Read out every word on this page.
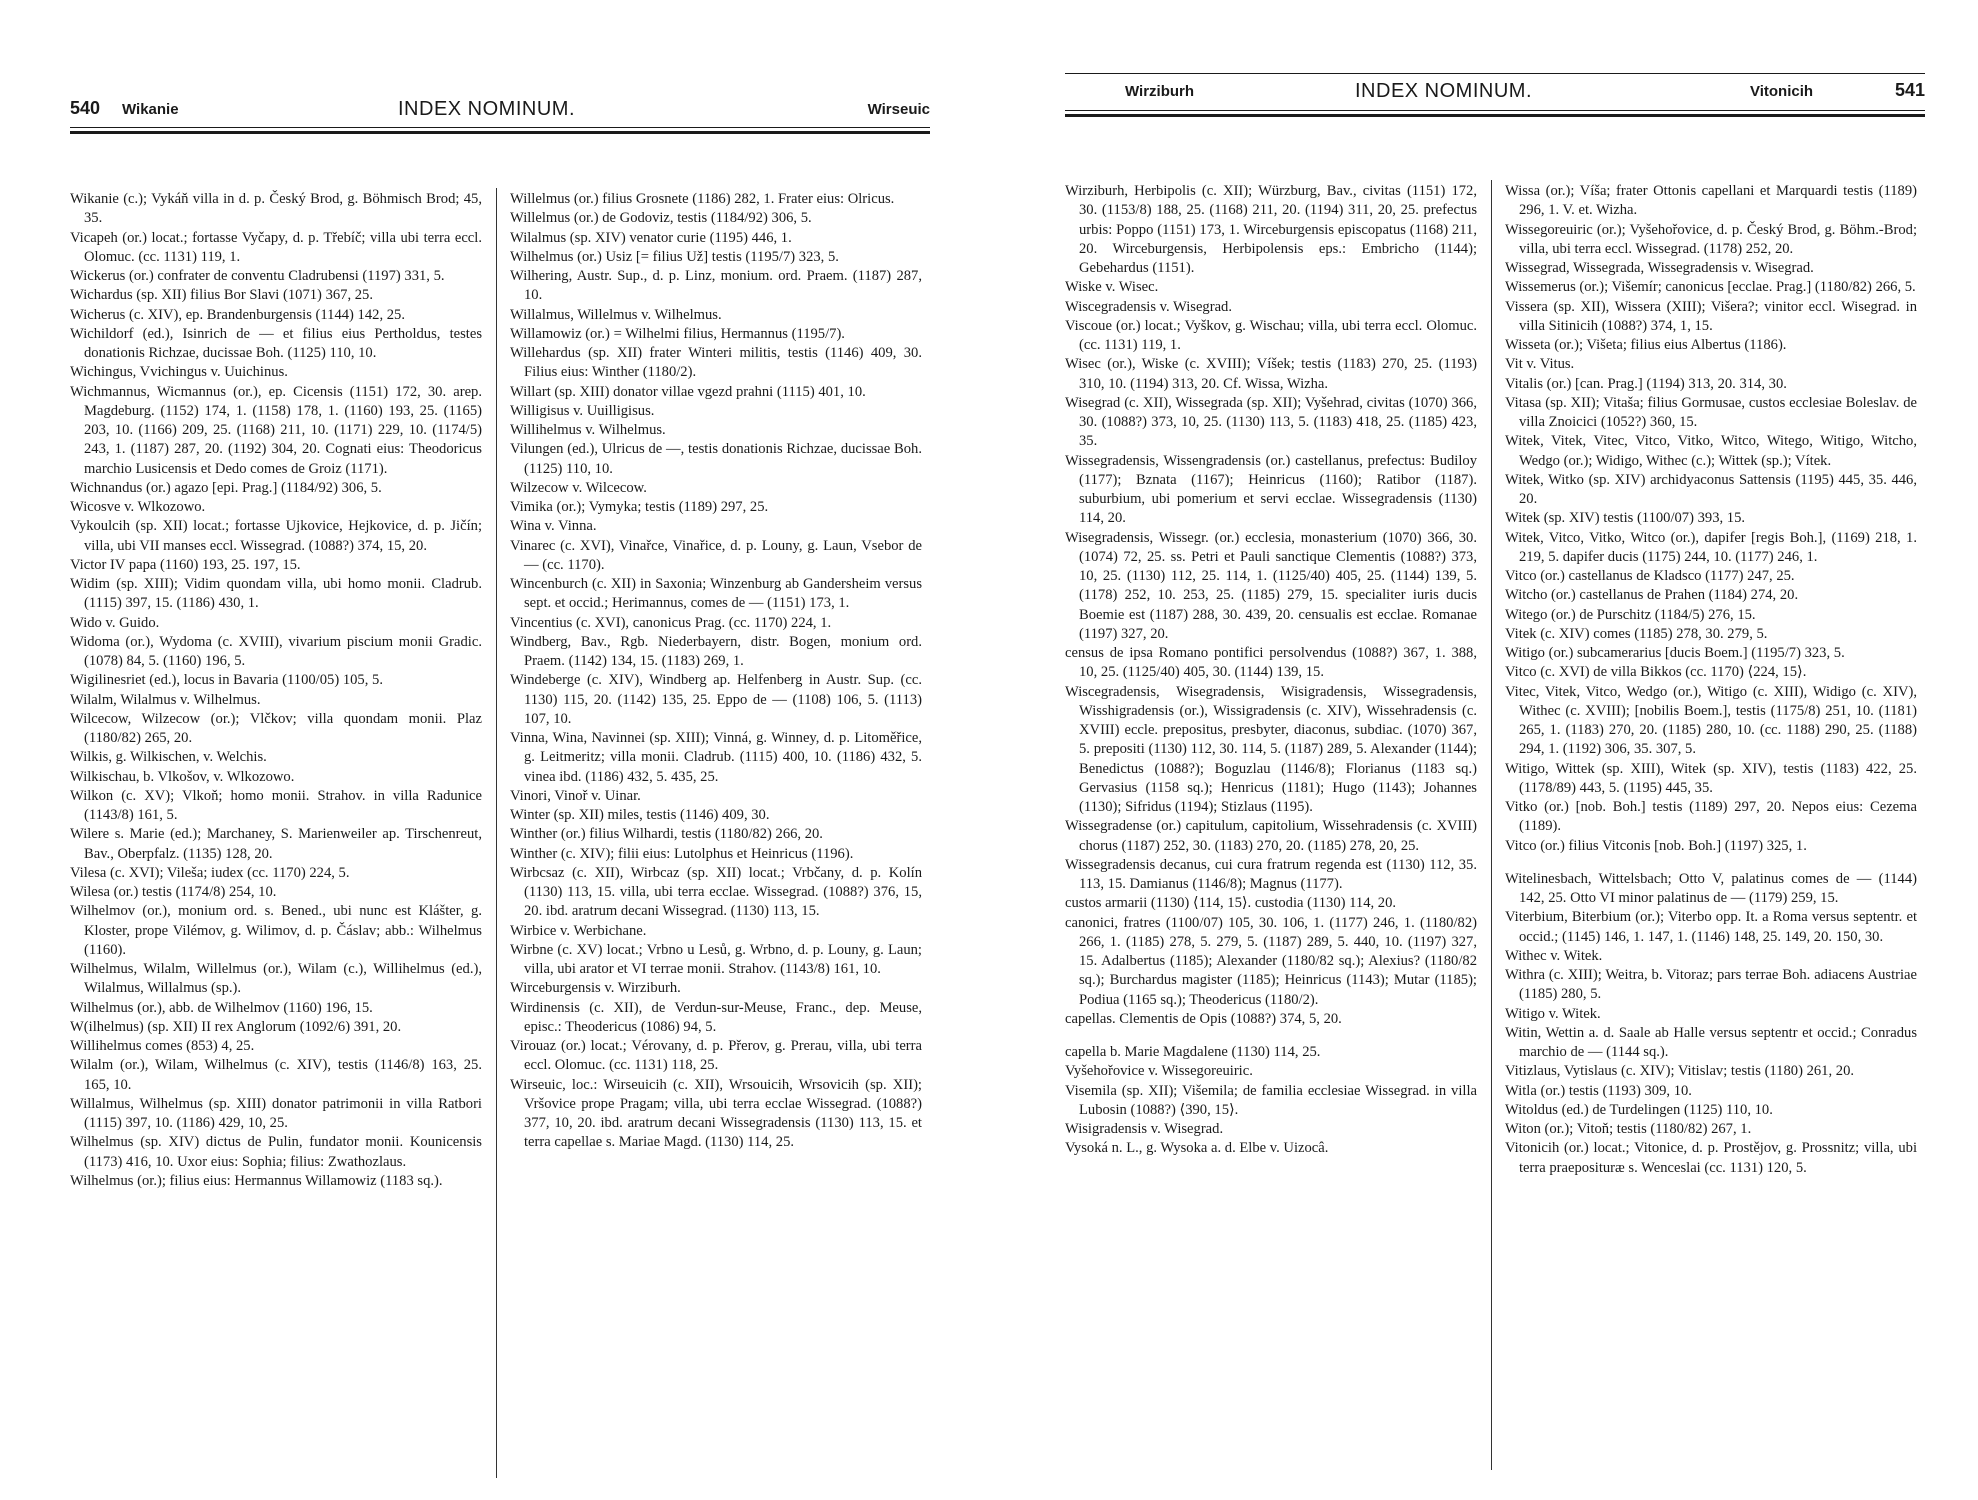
540 Wikanie	INDEX NOMINUM.	Wirseuic

Wikanie (c.); Vykáň villa in d. p. Český Brod, g. Böhmisch Brod; 45, 35.

Vicapeh (or.) locat.; fortasse Vyčapy, d. p. Třebíč; villa ubi terra eccl. Olomuc. (cc. 1131) 119, 1.

Wickerus (or.) confrater de conventu Cladrubensi (1197) 331, 5.

Wichardus (sp. XII) filius Bor Slavi (1071) 367, 25.

Wicherus (c. XIV), ep. Brandenburgensis (1144) 142, 25.

Wichildorf (ed.), Isinrich de — et filius eius Pertholdus, testes donationis Richzae, ducissae Boh. (1125) 110, 10.

Wichingus, Vvichingus v. Uuichinus.

Wichmannus, Wicmannus (or.), ep. Cicensis (1151) 172, 30. arep. Magdeburg. (1152) 174, 1. (1158) 178, 1. (1160) 193, 25. (1165) 203, 10. (1166) 209, 25. (1168) 211, 10. (1171) 229, 10. (1174/5) 243, 1. (1187) 287, 20. (1192) 304, 20. Cognati eius: Theodoricus marchio Lusicensis et Dedo comes de Groiz (1171).

Wichnandus (or.) agazo [epi. Prag.] (1184/92) 306, 5.

Wicosve v. Wlkozowo.

Vykoulcih (sp. XII) locat.; fortasse Ujkovice, Hejkovice, d. p. Jičín; villa, ubi VII manses eccl. Wissegrad. (1088?) 374, 15, 20.

Victor IV papa (1160) 193, 25. 197, 15.

Widim (sp. XIII); Vidim quondam villa, ubi homo monii. Cladrub. (1115) 397, 15. (1186) 430, 1.

Wido v. Guido.

Widoma (or.), Wydoma (c. XVIII), vivarium piscium monii Gradic. (1078) 84, 5. (1160) 196, 5.

Wigilinesriet (ed.), locus in Bavaria (1100/05) 105, 5.

Wilalm, Wilalmus v. Wilhelmus.

Wilcecow, Wilzecow (or.); Vlčkov; villa quondam monii. Plaz (1180/82) 265, 20.

Wilkis, g. Wilkischen, v. Welchis.

Wilkischau, b. Vlkošov, v. Wlkozowo.

Wilkon (c. XV); Vlkoň; homo monii. Strahov. in villa Radunice (1143/8) 161, 5.

Wilere s. Marie (ed.); Marchaney, S. Marienweiler ap. Tirschenreut, Bav., Oberpfalz. (1135) 128, 20.

Vilesa (c. XVI); Vileša; iudex (cc. 1170) 224, 5.

Wilesa (or.) testis (1174/8) 254, 10.

Wilhelmov (or.), monium ord. s. Bened., ubi nunc est Klášter, g. Kloster, prope Vilémov, g. Wilimov, d. p. Čáslav; abb.: Wilhelmus (1160).

Wilhelmus, Wilalm, Willelmus (or.), Wilam (c.), Willihelmus (ed.), Wilalmus, Willalmus (sp.).

Wilhelmus (or.), abb. de Wilhelmov (1160) 196, 15.

W(ilhelmus) (sp. XII) II rex Anglorum (1092/6) 391, 20.

Willihelmus comes (853) 4, 25.

Wilalm (or.), Wilam, Wilhelmus (c. XIV), testis (1146/8) 163, 25. 165, 10.

Willalmus, Wilhelmus (sp. XIII) donator patrimonii in villa Ratbori (1115) 397, 10. (1186) 429, 10, 25.

Wilhelmus (sp. XIV) dictus de Pulin, fundator monii. Kounicensis (1173) 416, 10. Uxor eius: Sophia; filius: Zwathozlaus.

Wilhelmus (or.); filius eius: Hermannus Willamowiz (1183 sq.).

Willelmus (or.) filius Grosnete (1186) 282, 1. Frater eius: Olricus.

Willelmus (or.) de Godoviz, testis (1184/92) 306, 5.

Wilalmus (sp. XIV) venator curie (1195) 446, 1.

Wilhelmus (or.) Usiz [= filius Už] testis (1195/7) 323, 5.

Wilhering, Austr. Sup., d. p. Linz, monium. ord. Praem. (1187) 287, 10.

Willalmus, Willelmus v. Wilhelmus.

Willamowiz (or.) = Wilhelmi filius, Hermannus (1195/7).

Willehardus (sp. XII) frater Winteri militis, testis (1146) 409, 30. Filius eius: Winther (1180/2).

Willart (sp. XIII) donator villae vgezd prahni (1115) 401, 10.

Willigisus v. Uuilligisus.

Willihelmus v. Wilhelmus.

Vilungen (ed.), Ulricus de —, testis donationis Richzae, ducissae Boh. (1125) 110, 10.

Wilzecow v. Wilcecow.

Vimika (or.); Vymyka; testis (1189) 297, 25.

Wina v. Vinna.

Vinarec (c. XVI), Vinařce, Vinařice, d. p. Louny, g. Laun, Vsebor de — (cc. 1170).

Wincenburch (c. XII) in Saxonia; Winzenburg ab Gandersheim versus sept. et occid.; Herimannus, comes de — (1151) 173, 1.

Vincentius (c. XVI), canonicus Prag. (cc. 1170) 224, 1.

Windberg, Bav., Rgb. Niederbayern, distr. Bogen, monium ord. Praem. (1142) 134, 15. (1183) 269, 1.

Windeberge (c. XIV), Windberg ap. Helfenberg in Austr. Sup. (cc. 1130) 115, 20. (1142) 135, 25. Eppo de — (1108) 106, 5. (1113) 107, 10.

Vinna, Wina, Navinnei (sp. XIII); Vinná, g. Winney, d. p. Litoměřice, g. Leitmeritz; villa monii. Cladrub. (1115) 400, 10. (1186) 432, 5. vinea ibd. (1186) 432, 5. 435, 25.

Vinori, Vinoř v. Uinar.

Winter (sp. XII) miles, testis (1146) 409, 30.

Winther (or.) filius Wilhardi, testis (1180/82) 266, 20.

Winther (c. XIV); filii eius: Lutolphus et Heinricus (1196).

Wirbcsaz (c. XII), Wirbcaz (sp. XII) locat.; Vrbčany, d. p. Kolín (1130) 113, 15. villa, ubi terra ecclae. Wissegrad. (1088?) 376, 15, 20. ibd. aratrum decani Wissegrad. (1130) 113, 15.

Wirbice v. Werbichane.

Wirbne (c. XV) locat.; Vrbno u Lesů, g. Wrbno, d. p. Louny, g. Laun; villa, ubi arator et VI terrae monii. Strahov. (1143/8) 161, 10.

Wirceburgensis v. Wirziburh.

Wirdinensis (c. XII), de Verdun-sur-Meuse, Franc., dep. Meuse, episc.: Theodericus (1086) 94, 5.

Virouaz (or.) locat.; Vérovany, d. p. Přerov, g. Prerau, villa, ubi terra eccl. Olomuc. (cc. 1131) 118, 25.

Wirseuic, loc.: Wirseuicih (c. XII), Wrsouicih, Wrsovicih (sp. XII); Vršovice prope Pragam; villa, ubi terra ecclae Wissegrad. (1088?) 377, 10, 20. ibd. aratrum decani Wissegradensis (1130) 113, 15. et terra capellae s. Mariae Magd. (1130) 114, 25.

Wirziburh	INDEX NOMINUM.	Vitonicih	541

Wirziburh, Herbipolis (c. XII); Würzburg, Bav., civitas (1151) 172, 30. (1153/8) 188, 25. (1168) 211, 20. (1194) 311, 20, 25. prefectus urbis: Poppo (1151) 173, 1. Wirceburgensis episcopatus (1168) 211, 20. Wirceburgensis, Herbipolensis eps.: Embricho (1144); Gebehardus (1151).

Wiske v. Wisec.

Wiscegradensis v. Wisegrad.

Viscoue (or.) locat.; Vyškov, g. Wischau; villa, ubi terra eccl. Olomuc. (cc. 1131) 119, 1.

Wisec (or.), Wiske (c. XVIII); Víšek; testis (1183) 270, 25. (1193) 310, 10. (1194) 313, 20. Cf. Wissa, Wizha.

Wisegrad (c. XII), Wissegrada (sp. XII); Vyšehrad, civitas (1070) 366, 30. (1088?) 373, 10, 25. (1130) 113, 5. (1183) 418, 25. (1185) 423, 35.

Wissegradensis, Wissengradensis (or.) castellanus, prefectus: Budiloy (1177); Bznata (1167); Heinricus (1160); Ratibor (1187). suburbium, ubi pomerium et servi ecclae. Wissegradensis (1130) 114, 20.

Wisegradensis, Wissegr. (or.) ecclesia, monasterium (1070) 366, 30. (1074) 72, 25. ss. Petri et Pauli sanctique Clementis (1088?) 373, 10, 25. (1130) 112, 25. 114, 1. (1125/40) 405, 25. (1144) 139, 5. (1178) 252, 10. 253, 25. (1185) 279, 15. specialiter iuris ducis Boemie est (1187) 288, 30. 439, 20. censualis est ecclae. Romanae (1197) 327, 20.

census de ipsa Romano pontifici persolvendus (1088?) 367, 1. 388, 10, 25. (1125/40) 405, 30. (1144) 139, 15.

Wiscegradensis, Wisegradensis, Wisigradensis, Wissegradensis, Wisshigradensis (or.), Wissigradensis (c. XIV), Wissehradensis (c. XVIII) eccle. prepositus, presbyter, diaconus, subdiac. (1070) 367, 5. prepositi (1130) 112, 30. 114, 5. (1187) 289, 5. Alexander (1144); Benedictus (1088?); Boguzlau (1146/8); Florianus (1183 sq.) Gervasius (1158 sq.); Henricus (1181); Hugo (1143); Johannes (1130); Sifridus (1194); Stizlaus (1195).

Wissegradense (or.) capitulum, capitolium, Wissehradensis (c. XVIII) chorus (1187) 252, 30. (1183) 270, 20. (1185) 278, 20, 25.

Wissegradensis decanus, cui cura fratrum regenda est (1130) 112, 35. 113, 15. Damianus (1146/8); Magnus (1177).

custos armarii (1130) ⟨114, 15⟩. custodia (1130) 114, 20.

canonici, fratres (1100/07) 105, 30. 106, 1. (1177) 246, 1. (1180/82) 266, 1. (1185) 278, 5. 279, 5. (1187) 289, 5. 440, 10. (1197) 327, 15. Adalbertus (1185); Alexander (1180/82 sq.); Alexius? (1180/82 sq.); Burchardus magister (1185); Heinricus (1143); Mutar (1185); Podiua (1165 sq.); Theodericus (1180/2).

capellas. Clementis de Opis (1088?) 374, 5, 20.

capella b. Marie Magdalene (1130) 114, 25.

Vyšehořovice v. Wissegoreuiric.

Visemila (sp. XII); Višemila; de familia ecclesiae Wissegrad. in villa Lubosin (1088?) ⟨390, 15⟩.

Wisigradensis v. Wisegrad.

Vysoká n. L., g. Wysoka a. d. Elbe v. Uizocâ.

Wissa (or.); Víša; frater Ottonis capellani et Marquardi testis (1189) 296, 1. V. et. Wizha.

Wissegoreuiric (or.); Vyšehořovice, d. p. Český Brod, g. Böhm.-Brod; villa, ubi terra eccl. Wissegrad. (1178) 252, 20.

Wissegrad, Wissegrada, Wissegradensis v. Wisegrad.

Wissemerus (or.); Višemír; canonicus [ecclae. Prag.] (1180/82) 266, 5.

Vissera (sp. XII), Wissera (XIII); Višera?; vinitor eccl. Wisegrad. in villa Sitinicih (1088?) 374, 1, 15.

Wisseta (or.); Višeta; filius eius Albertus (1186).

Vit v. Vitus.

Vitalis (or.) [can. Prag.] (1194) 313, 20. 314, 30.

Vitasa (sp. XII); Vitaša; filius Gormusae, custos ecclesiae Boleslav. de villa Znoicici (1052?) 360, 15.

Witek, Vitek, Vitec, Vitco, Vitko, Witco, Witego, Witigo, Witcho, Wedgo (or.); Widigo, Withec (c.); Wittek (sp.); Vítek.

Witek, Witko (sp. XIV) archidyaconus Sattensis (1195) 445, 35. 446, 20.

Witek (sp. XIV) testis (1100/07) 393, 15.

Witek, Vitco, Vitko, Witco (or.), dapifer [regis Boh.], (1169) 218, 1. 219, 5. dapifer ducis (1175) 244, 10. (1177) 246, 1.

Vitco (or.) castellanus de Kladsco (1177) 247, 25.

Witcho (or.) castellanus de Prahen (1184) 274, 20.

Witego (or.) de Purschitz (1184/5) 276, 15.

Vitek (c. XIV) comes (1185) 278, 30. 279, 5.

Witigo (or.) subcamerarius [ducis Boem.] (1195/7) 323, 5.

Vitco (c. XVI) de villa Bikkos (cc. 1170) ⟨224, 15⟩.

Vitec, Vitek, Vitco, Wedgo (or.), Witigo (c. XIII), Widigo (c. XIV), Withec (c. XVIII); [nobilis Boem.], testis (1175/8) 251, 10. (1181) 265, 1. (1183) 270, 20. (1185) 280, 10. (cc. 1188) 290, 25. (1188) 294, 1. (1192) 306, 35. 307, 5.

Witigo, Wittek (sp. XIII), Witek (sp. XIV), testis (1183) 422, 25. (1178/89) 443, 5. (1195) 445, 35.

Vitko (or.) [nob. Boh.] testis (1189) 297, 20. Nepos eius: Cezema (1189).

Vitco (or.) filius Vitconis [nob. Boh.] (1197) 325, 1.

Witelinesbach, Wittelsbach; Otto V, palatinus comes de — (1144) 142, 25. Otto VI minor palatinus de — (1179) 259, 15.

Viterbium, Biterbium (or.); Viterbo opp. It. a Roma versus septentr. et occid.; (1145) 146, 1. 147, 1. (1146) 148, 25. 149, 20. 150, 30.

Withec v. Witek.

Withra (c. XIII); Weitra, b. Vitoraz; pars terrae Boh. adiacens Austriae (1185) 280, 5.

Witigo v. Witek.

Witin, Wettin a. d. Saale ab Halle versus septentr et occid.; Conradus marchio de — (1144 sq.).

Vitizlaus, Vytislaus (c. XIV); Vitislav; testis (1180) 261, 20.

Witla (or.) testis (1193) 309, 10.

Witoldus (ed.) de Turdelingen (1125) 110, 10.

Witon (or.); Vitoň; testis (1180/82) 267, 1.

Vitonicih (or.) locat.; Vitonice, d. p. Prostějov, g. Prossnitz; villa, ubi terra praeposituræ s. Wenceslai (cc. 1131) 120, 5.
